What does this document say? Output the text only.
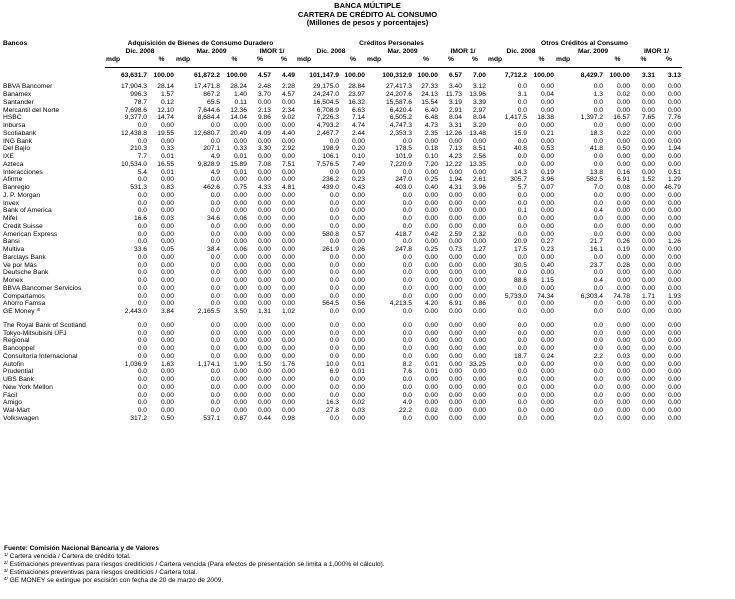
BANCA MÚLTIPLE
CARTERA DE CRÉDITO AL CONSUMO
(Millones de pesos y porcentajes)
Bancos	Adquisición de Bienes de Consumo Duradero						Créditos Personales						Otros Créditos al Consumo					
	Dic. 2008		Mar. 2009		IMOR 1/		Dic. 2008		Mar. 2009		IMOR 1/		Dic. 2008		Mar. 2009		IMOR 1/	
	mdp	%	mdp	%	%	%	mdp	%	mdp	%	%	%	mdp	%	mdp	%	%	%

	63,631.7	100.00	61,872.2	100.00	4.57	4.49	101,147.9	100.00	100,312.9	100.00	6.57	7.00	7,712.2	100.00	8,429.7	100.00	3.31	3.13

BBVA Bancomer	17,904.3	28.14	17,471.8	28.24	2.48	2.28	29,175.0	28.84	27,417.3	27.33	3.40	3.12	0.0	0.00	0.0	0.00	0.00	0.00
Banamex	996.3	1.57	867.2	1.40	3.70	4.57	24,247.0	23.97	24,207.6	24.13	11.73	13.96	3.1	0.04	1.3	0.02	0.00	0.00
Santander	78.7	0.12	65.5	0.11	0.00	0.00	16,504.5	16.32	15,587.6	15.54	3.19	3.39	0.0	0.00	0.0	0.00	0.00	0.00
Mercantil del Norte	7,698.6	12.10	7,644.6	12.36	2.13	2.34	6,708.9	6.63	6,420.4	6.40	2.91	2.97	0.0	0.00	0.0	0.00	0.00	0.00
HSBC	9,377.0	14.74	8,684.4	14.04	9.86	9.02	7,226.3	7.14	6,505.2	6.48	8.04	8.04	1,417.5	18.38	1,397.2	16.57	7.65	7.76
Inbursa	0.0	0.00	0.0	0.00	0.00	0.00	4,793.2	4.74	4,747.3	4.73	3.31	3.29	0.0	0.00	0.0	0.00	0.00	0.00
Scotiabank	12,438.8	19.55	12,680.7	20.49	4.09	4.40	2,467.7	2.44	2,353.3	2.35	12.26	13.48	15.9	0.21	18.3	0.22	0.00	0.00
ING Bank	0.0	0.00	0.0	0.00	0.00	0.00	0.0	0.00	0.0	0.00	0.00	0.00	0.0	0.00	0.0	0.00	0.00	0.00
Del Bajío	210.3	0.33	207.1	0.33	3.30	2.92	198.9	0.20	178.5	0.18	7.13	8.51	40.8	0.53	41.8	0.50	0.90	1.94
IXE	7.7	0.01	4.9	0.01	0.00	0.00	106.1	0.10	101.9	0.10	4.23	2.56	0.0	0.00	0.0	0.00	0.00	0.00
Azteca	10,534.0	16.55	9,828.9	15.89	7.08	7.51	7,576.5	7.49	7,220.9	7.20	12.22	13.35	0.0	0.00	0.0	0.00	0.00	0.00
Interacciones	5.4	0.01	4.9	0.01	0.00	0.00	0.0	0.00	0.0	0.00	0.00	0.00	14.3	0.19	13.8	0.16	0.00	0.51
Afirme	0.0	0.00	0.0	0.00	0.00	0.00	236.2	0.23	247.0	0.25	1.94	2.61	305.7	3.96	582.5	6.91	1.52	1.29
Banregio	531.3	0.83	462.6	0.75	4.33	4.81	439.0	0.43	403.0	0.40	4.31	3.96	5.7	0.07	7.0	0.08	0.00	46.79
J. P. Morgan	0.0	0.00	0.0	0.00	0.00	0.00	0.0	0.00	0.0	0.00	0.00	0.00	0.0	0.00	0.0	0.00	0.00	0.00
Invex	0.0	0.00	0.0	0.00	0.00	0.00	0.0	0.00	0.0	0.00	0.00	0.00	0.0	0.00	0.0	0.00	0.00	0.00
Bank of America	0.0	0.00	0.0	0.00	0.00	0.00	0.0	0.00	0.0	0.00	0.00	0.00	0.1	0.00	0.4	0.00	0.00	0.00
Mifel	16.6	0.03	34.6	0.06	0.00	0.00	0.0	0.00	0.0	0.00	0.00	0.00	0.0	0.00	0.0	0.00	0.00	0.00
Credit Suisse	0.0	0.00	0.0	0.00	0.00	0.00	0.0	0.00	0.0	0.00	0.00	0.00	0.0	0.00	0.0	0.00	0.00	0.00
American Express	0.0	0.00	0.0	0.00	0.00	0.00	580.8	0.57	418.7	0.42	2.59	2.32	0.0	0.00	0.0	0.00	0.00	0.00
Bansi	0.0	0.00	0.0	0.00	0.00	0.00	0.0	0.00	0.0	0.00	0.00	0.00	20.9	0.27	21.7	0.26	0.00	1.26
Multiva	33.6	0.05	38.4	0.06	0.00	0.00	261.9	0.26	247.8	0.25	0.73	1.27	17.5	0.23	16.1	0.19	0.00	0.00
Barclays Bank	0.0	0.00	0.0	0.00	0.00	0.00	0.0	0.00	0.0	0.00	0.00	0.00	0.0	0.00	0.0	0.00	0.00	0.00
Ve por Más	0.0	0.00	0.0	0.00	0.00	0.00	0.0	0.00	0.0	0.00	0.00	0.00	30.5	0.40	23.7	0.28	0.00	0.00
Deutsche Bank	0.0	0.00	0.0	0.00	0.00	0.00	0.0	0.00	0.0	0.00	0.00	0.00	0.0	0.00	0.0	0.00	0.00	0.00
Monex	0.0	0.00	0.0	0.00	0.00	0.00	0.0	0.00	0.0	0.00	0.00	0.00	88.6	1.15	0.4	0.00	0.00	0.00
BBVA Bancomer Servicios	0.0	0.00	0.0	0.00	0.00	0.00	0.0	0.00	0.0	0.00	0.00	0.00	0.0	0.00	0.0	0.00	0.00	0.00
Compartamos	0.0	0.00	0.0	0.00	0.00	0.00	0.0	0.00	0.0	0.00	0.00	0.00	5,733.0	74.34	6,303.4	74.78	1.71	1.93
Ahorro Famsa	0.0	0.00	0.0	0.00	0.00	0.00	564.5	0.56	4,213.5	4.20	6.91	0.86	0.0	0.00	0.0	0.00	0.00	0.00
GE Money $^{4/}$	2,443.0	3.84	2,165.5	3.50	1.31	1.02	0.0	0.00	0.0	0.00	0.00	0.00	0.0	0.00	0.0	0.00	0.00	0.00

The Royal Bank of Scotland	0.0	0.00	0.0	0.00	0.00	0.00	0.0	0.00	0.0	0.00	0.00	0.00	0.0	0.00	0.0	0.00	0.00	0.00
Tokyo-Mitsubishi UFJ	0.0	0.00	0.0	0.00	0.00	0.00	0.0	0.00	0.0	0.00	0.00	0.00	0.0	0.00	0.0	0.00	0.00	0.00
Regional	0.0	0.00	0.0	0.00	0.00	0.00	0.0	0.00	0.0	0.00	0.00	0.00	0.0	0.00	0.0	0.00	0.00	0.00
Bancoppel	0.0	0.00	0.0	0.00	0.00	0.00	0.0	0.00	0.0	0.00	0.00	0.00	0.0	0.00	0.0	0.00	0.00	0.00
Consultoría Internacional	0.0	0.00	0.0	0.00	0.00	0.00	0.0	0.00	0.0	0.00	0.00	0.00	18.7	0.24	2.2	0.03	0.00	0.00
Autofin	1,036.9	1.63	1,174.1	1.90	1.50	1.76	10.0	0.01	8.2	0.01	0.00	33.25	0.0	0.00	0.0	0.00	0.00	0.00
Prudential	0.0	0.00	0.0	0.00	0.00	0.00	6.9	0.01	7.6	0.01	0.00	0.00	0.0	0.00	0.0	0.00	0.00	0.00
UBS Bank	0.0	0.00	0.0	0.00	0.00	0.00	0.0	0.00	0.0	0.00	0.00	0.00	0.0	0.00	0.0	0.00	0.00	0.00
New York Mellon	0.0	0.00	0.0	0.00	0.00	0.00	0.0	0.00	0.0	0.00	0.00	0.00	0.0	0.00	0.0	0.00	0.00	0.00
Fácil	0.0	0.00	0.0	0.00	0.00	0.00	0.0	0.00	0.0	0.00	0.00	0.00	0.0	0.00	0.0	0.00	0.00	0.00
Amigo	0.0	0.00	0.0	0.00	0.00	0.00	16.3	0.02	4.9	0.00	0.00	0.00	0.0	0.00	0.0	0.00	0.00	0.00
Wal-Mart	0.0	0.00	0.0	0.00	0.00	0.00	27.8	0.03	22.2	0.02	0.00	0.00	0.0	0.00	0.0	0.00	0.00	0.00
Volkswagen	317.2	0.50	537.1	0.87	0.44	0.98	0.0	0.00	0.0	0.00	0.00	0.00	0.0	0.00	0.0	0.00	0.00	0.00
Fuente: Comisión Nacional Bancaria y de Valores
$^{1/}$ Cartera vencida / Cartera de crédito total.
$^{2/}$ Estimaciones preventivas para riesgos crediticios / Cartera vencida (Para efectos de presentación se limita a 1,000% el cálculo).
$^{3/}$ Estimaciones preventivas para riesgos crediticios / Cartera total.
$^{4/}$ GE MONEY se extingue por escisión con fecha de 20 de marzo de 2009.
